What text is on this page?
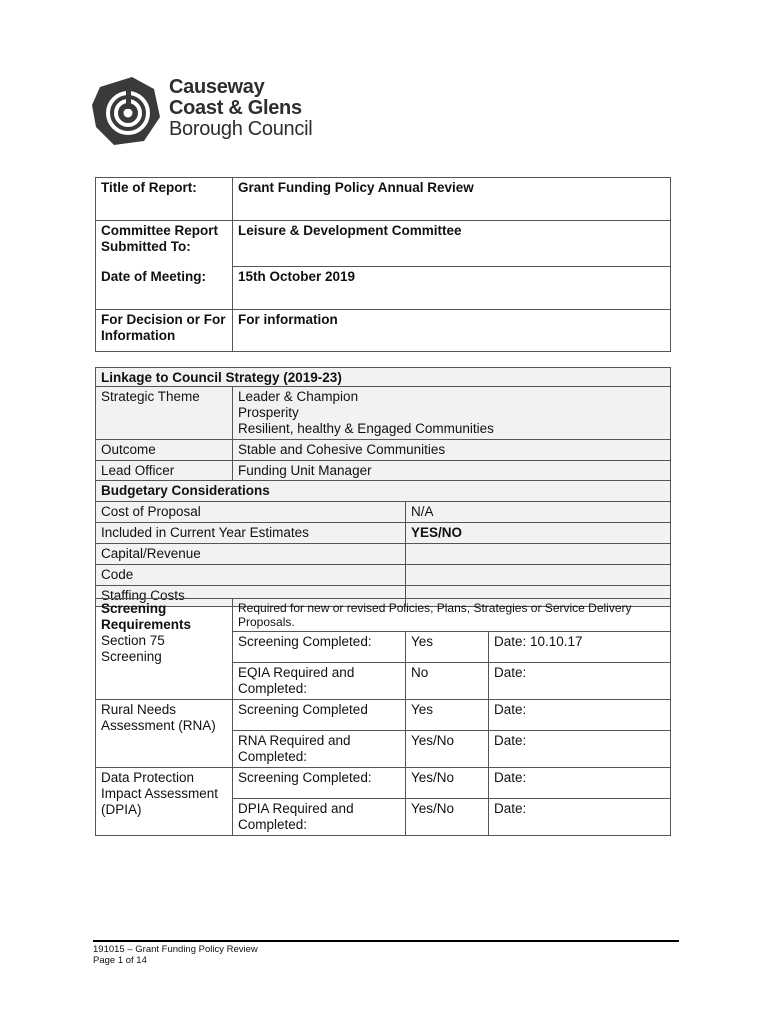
Causeway
Coast & Glens
Borough Council
Title of Report:	Grant Funding Policy Annual Review
Committee Report Submitted To:	Leisure & Development Committee
Date of Meeting:	15th October 2019
For Decision or For Information	For information
Linkage to Council Strategy (2019-23)	
Strategic Theme	Leader & Champion
Prosperity
Resilient, healthy & Engaged Communities

Outcome	Stable and Cohesive Communities
Lead Officer	Funding Unit Manager
Budgetary Considerations	
Cost of Proposal	N/A
Included in Current Year Estimates	YES/NO
Capital/Revenue	
Code	
Staffing Costs	
Screening Requirements
Section 75 Screening	Required for new or revised Policies, Plans, Strategies or Service Delivery Proposals.		
	Screening Completed:	Yes	Date: 10.10.17
	EQIA Required and Completed:	No	Date:
Rural Needs Assessment (RNA)	Screening Completed	Yes	Date:
	RNA Required and Completed:	Yes/No	Date:
Data Protection Impact Assessment (DPIA)	Screening Completed:	Yes/No	Date:
	DPIA Required and Completed:	Yes/No	Date:
191015 – Grant Funding Policy Review
Page 1 of 14
